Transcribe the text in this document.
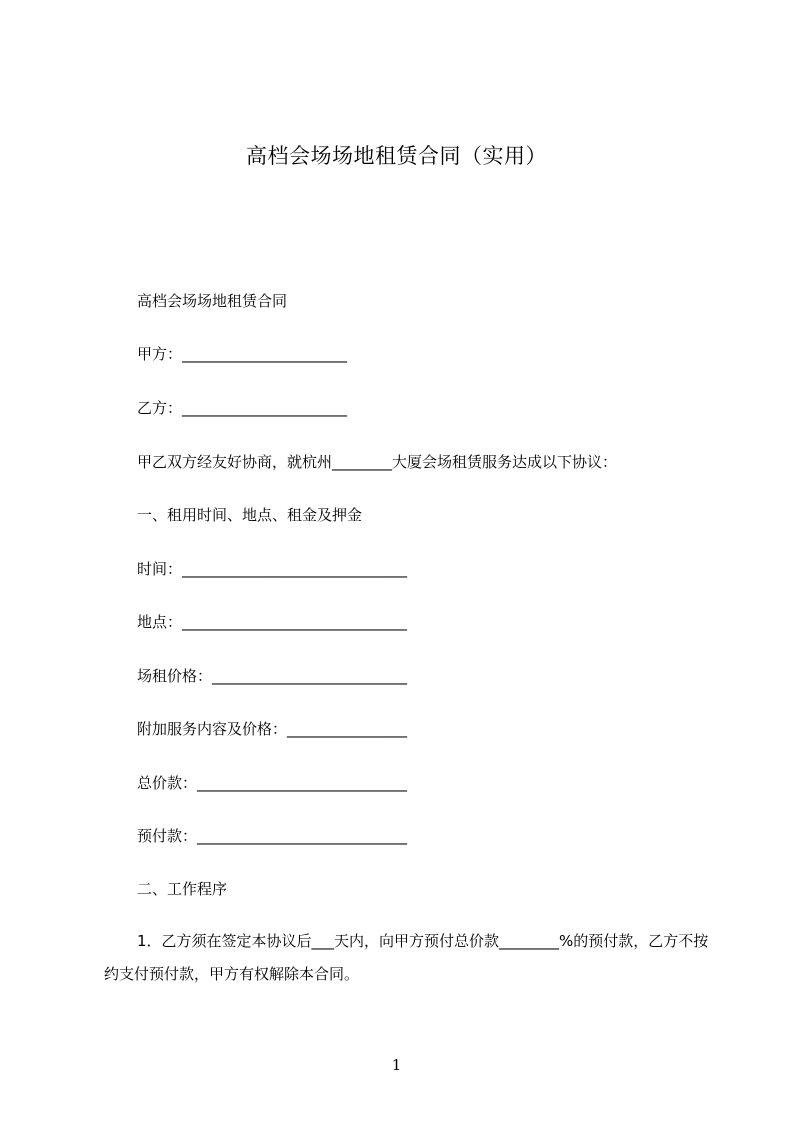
高档会场场地租赁合同（实用）
高档会场场地租赁合同
甲方：______________________
乙方：______________________
甲乙双方经友好协商，就杭州________大厦会场租赁服务达成以下协议：
一、租用时间、地点、租金及押金
时间：______________________________
地点：______________________________
场租价格：__________________________
附加服务内容及价格：________________
总价款：____________________________
预付款：____________________________
二、工作程序
1．乙方须在签定本协议后___天内，向甲方预付总价款________%的预付款，乙方不按约支付预付款，甲方有权解除本合同。
1
